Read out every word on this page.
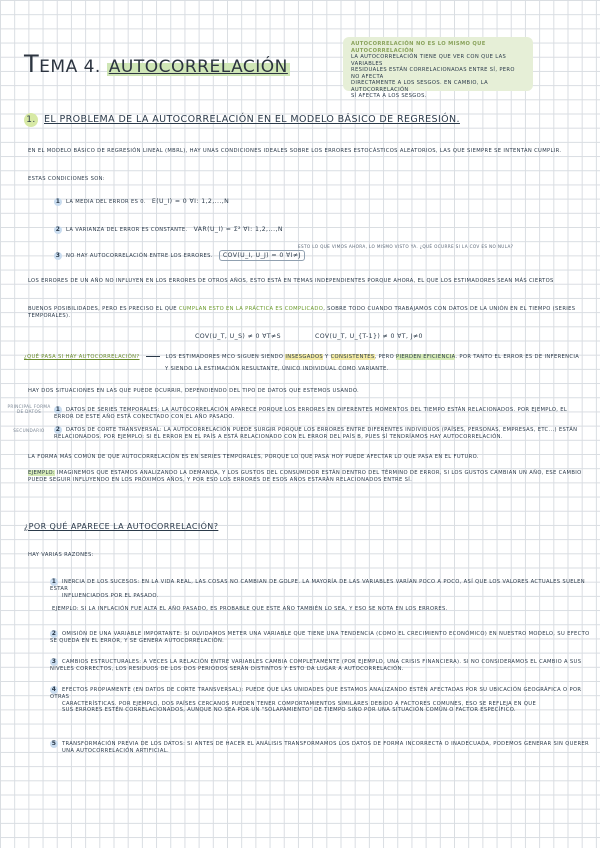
AUTOCORRELACIÓN NO ES LO MISMO QUE AUTOCORRELACIÓN
LA AUTOCORRELACIÓN TIENE QUE VER CON QUE LAS VARIABLES
RESIDUALES ESTÁN CORRELACIONADAS ENTRE SÍ, PERO NO AFECTA
DIRECTAMENTE A LOS SESGOS. EN CAMBIO, LA AUTOCORRELACIÓN
SÍ AFECTA A LOS SESGOS.
TEMA 4. AUTOCORRELACIÓN
1. EL PROBLEMA DE LA AUTOCORRELACIÓN EN EL MODELO BÁSICO DE REGRESIÓN.
EN EL MODELO BÁSICO DE REGRESIÓN LINEAL (MBRL), HAY UNAS CONDICIONES IDEALES SOBRE LOS ERRORES ESTOCÁSTICOS ALEATORIOS, LAS QUE SIEMPRE SE INTENTAN CUMPLIR.
ESTAS CONDICIONES SON:
1 LA MEDIA DEL ERROR ES 0. E(U_I) = 0 ∀I: 1,2,...,N
2 LA VARIANZA DEL ERROR ES CONSTANTE. VAR(U_I) = Σ² ∀I: 1,2,...,N
3 NO HAY AUTOCORRELACIÓN ENTRE LOS ERRORES. COV(U_I, U_J) = 0 ∀I≠J
ESTO LO QUE VIMOS AHORA, LO MISMO VISTO YA. ¿QUÉ OCURRE SI LA COV ES NO NULA?
LOS ERRORES DE UN AÑO NO INFLUYEN EN LOS ERRORES DE OTROS AÑOS, ESTO ESTÁ EN TEMAS INDEPENDIENTES PORQUE AHORA, EL QUE LOS ESTIMADORES SEAN MÁS CIERTOS
BUENOS POSIBILIDADES, PERO ES PRECISO EL QUE CUMPLAN ESTO EN LA PRÁCTICA ES COMPLICADO, SOBRE TODO CUANDO TRABAJAMOS CON DATOS DE LA UNIÓN EN EL TIEMPO (SERIES TEMPORALES).
COV(U_T, U_S) ≠ 0 ∀T≠S	COV(U_T, U_{T-1}) ≠ 0 ∀T, J≠0
¿QUÉ PASA SI HAY AUTOCORRELACIÓN?	LOS ESTIMADORES MCO SIGUEN SIENDO INSESGADOS Y CONSISTENTES, PERO PIERDEN EFICIENCIA. POR TANTO EL ERROR ES DE INFERENCIA
Y SIENDO LA ESTIMACIÓN RESULTANTE, ÚNICO INDIVIDUAL COMO VARIANTE.
HAY DOS SITUACIONES EN LAS QUE PUEDE OCURRIR, DEPENDIENDO DEL TIPO DE DATOS QUE ESTEMOS USANDO.
PRINCIPAL FORMA DE DATOS	1 DATOS DE SERIES TEMPORALES: LA AUTOCORRELACIÓN APARECE PORQUE LOS ERRORES EN DIFERENTES MOMENTOS DEL TIEMPO ESTÁN RELACIONADOS. POR EJEMPLO, EL ERROR DE ESTE AÑO ESTÁ CONECTADO CON EL AÑO PASADO.
SECUNDARIO	2 DATOS DE CORTE TRANSVERSAL: LA AUTOCORRELACIÓN PUEDE SURGIR PORQUE LOS ERRORES ENTRE DIFERENTES INDIVIDUOS (PAÍSES, PERSONAS, EMPRESAS, ETC...) ESTÁN RELACIONADOS. POR EJEMPLO: SI EL ERROR EN EL PAÍS A ESTÁ RELACIONADO CON EL ERROR DEL PAÍS B, PUES SÍ TENDRÍAMOS HAY AUTOCORRELACIÓN.
LA FORMA MÁS COMÚN DE QUE AUTOCORRELACIÓN ES EN SERIES TEMPORALES, PORQUE LO QUE PASA HOY PUEDE AFECTAR LO QUE PASA EN EL FUTURO.
EJEMPLO: IMAGINEMOS QUE ESTAMOS ANALIZANDO LA DEMANDA, Y LOS GUSTOS DEL CONSUMIDOR ESTÁN DENTRO DEL TÉRMINO DE ERROR, SI LOS GUSTOS CAMBIAN UN AÑO, ESE CAMBIO PUEDE SEGUIR INFLUYENDO EN LOS PRÓXIMOS AÑOS, Y POR ESO LOS ERRORES DE ESOS AÑOS ESTARÁN RELACIONADOS ENTRE SÍ.
¿POR QUÉ APARECE LA AUTOCORRELACIÓN?
HAY VARIAS RAZONES:
1 INERCIA DE LOS SUCESOS: EN LA VIDA REAL, LAS COSAS NO CAMBIAN DE GOLPE. LA MAYORÍA DE LAS VARIABLES VARÍAN POCO A POCO, ASÍ QUE LOS VALORES ACTUALES SUELEN ESTAR
INFLUENCIADOS POR EL PASADO.

EJEMPLO: SI LA INFLACIÓN FUE ALTA EL AÑO PASADO, ES PROBABLE QUE ESTE AÑO TAMBIÉN LO SEA, Y ESO SE NOTA EN LOS ERRORES.
2 OMISIÓN DE UNA VARIABLE IMPORTANTE: SI OLVIDAMOS METER UNA VARIABLE QUE TIENE UNA TENDENCIA (COMO EL CRECIMIENTO ECONÓMICO) EN NUESTRO MODELO, SU EFECTO SE QUEDA EN EL ERROR, Y SE GENERA AUTOCORRELACIÓN.
3 CAMBIOS ESTRUCTURALES: A VECES LA RELACIÓN ENTRE VARIABLES CAMBIA COMPLETAMENTE (POR EJEMPLO, UNA CRISIS FINANCIERA). SI NO CONSIDERAMOS EL CAMBIO A SUS NIVELES CORRECTOS, LOS RESIDUOS DE LOS DOS PERIODOS SERÁN DISTINTOS Y ESTO DA LUGAR A AUTOCORRELACIÓN.
4 EFECTOS PROPIAMENTE (EN DATOS DE CORTE TRANSVERSAL): PUEDE QUE LAS UNIDADES QUE ESTAMOS ANALIZANDO ESTÉN AFECTADAS POR SU UBICACIÓN GEOGRÁFICA O POR OTRAS
CARACTERÍSTICAS. POR EJEMPLO, DOS PAÍSES CERCANOS PUEDEN TENER COMPORTAMIENTOS SIMILARES DEBIDO A FACTORES COMUNES, ESO SE REFLEJA EN QUE
SUS ERRORES ESTÉN CORRELACIONADOS, AUNQUE NO SEA POR UN "SOLAPAMIENTO" DE TIEMPO SINO POR UNA SITUACIÓN COMÚN O FACTOR ESPECÍFICO.
5 TRANSFORMACIÓN PREVIA DE LOS DATOS: SI ANTES DE HACER EL ANÁLISIS TRANSFORMAMOS LOS DATOS DE FORMA INCORRECTA O INADECUADA, PODEMOS GENERAR SIN QUERER
UNA AUTOCORRELACIÓN ARTIFICIAL.
